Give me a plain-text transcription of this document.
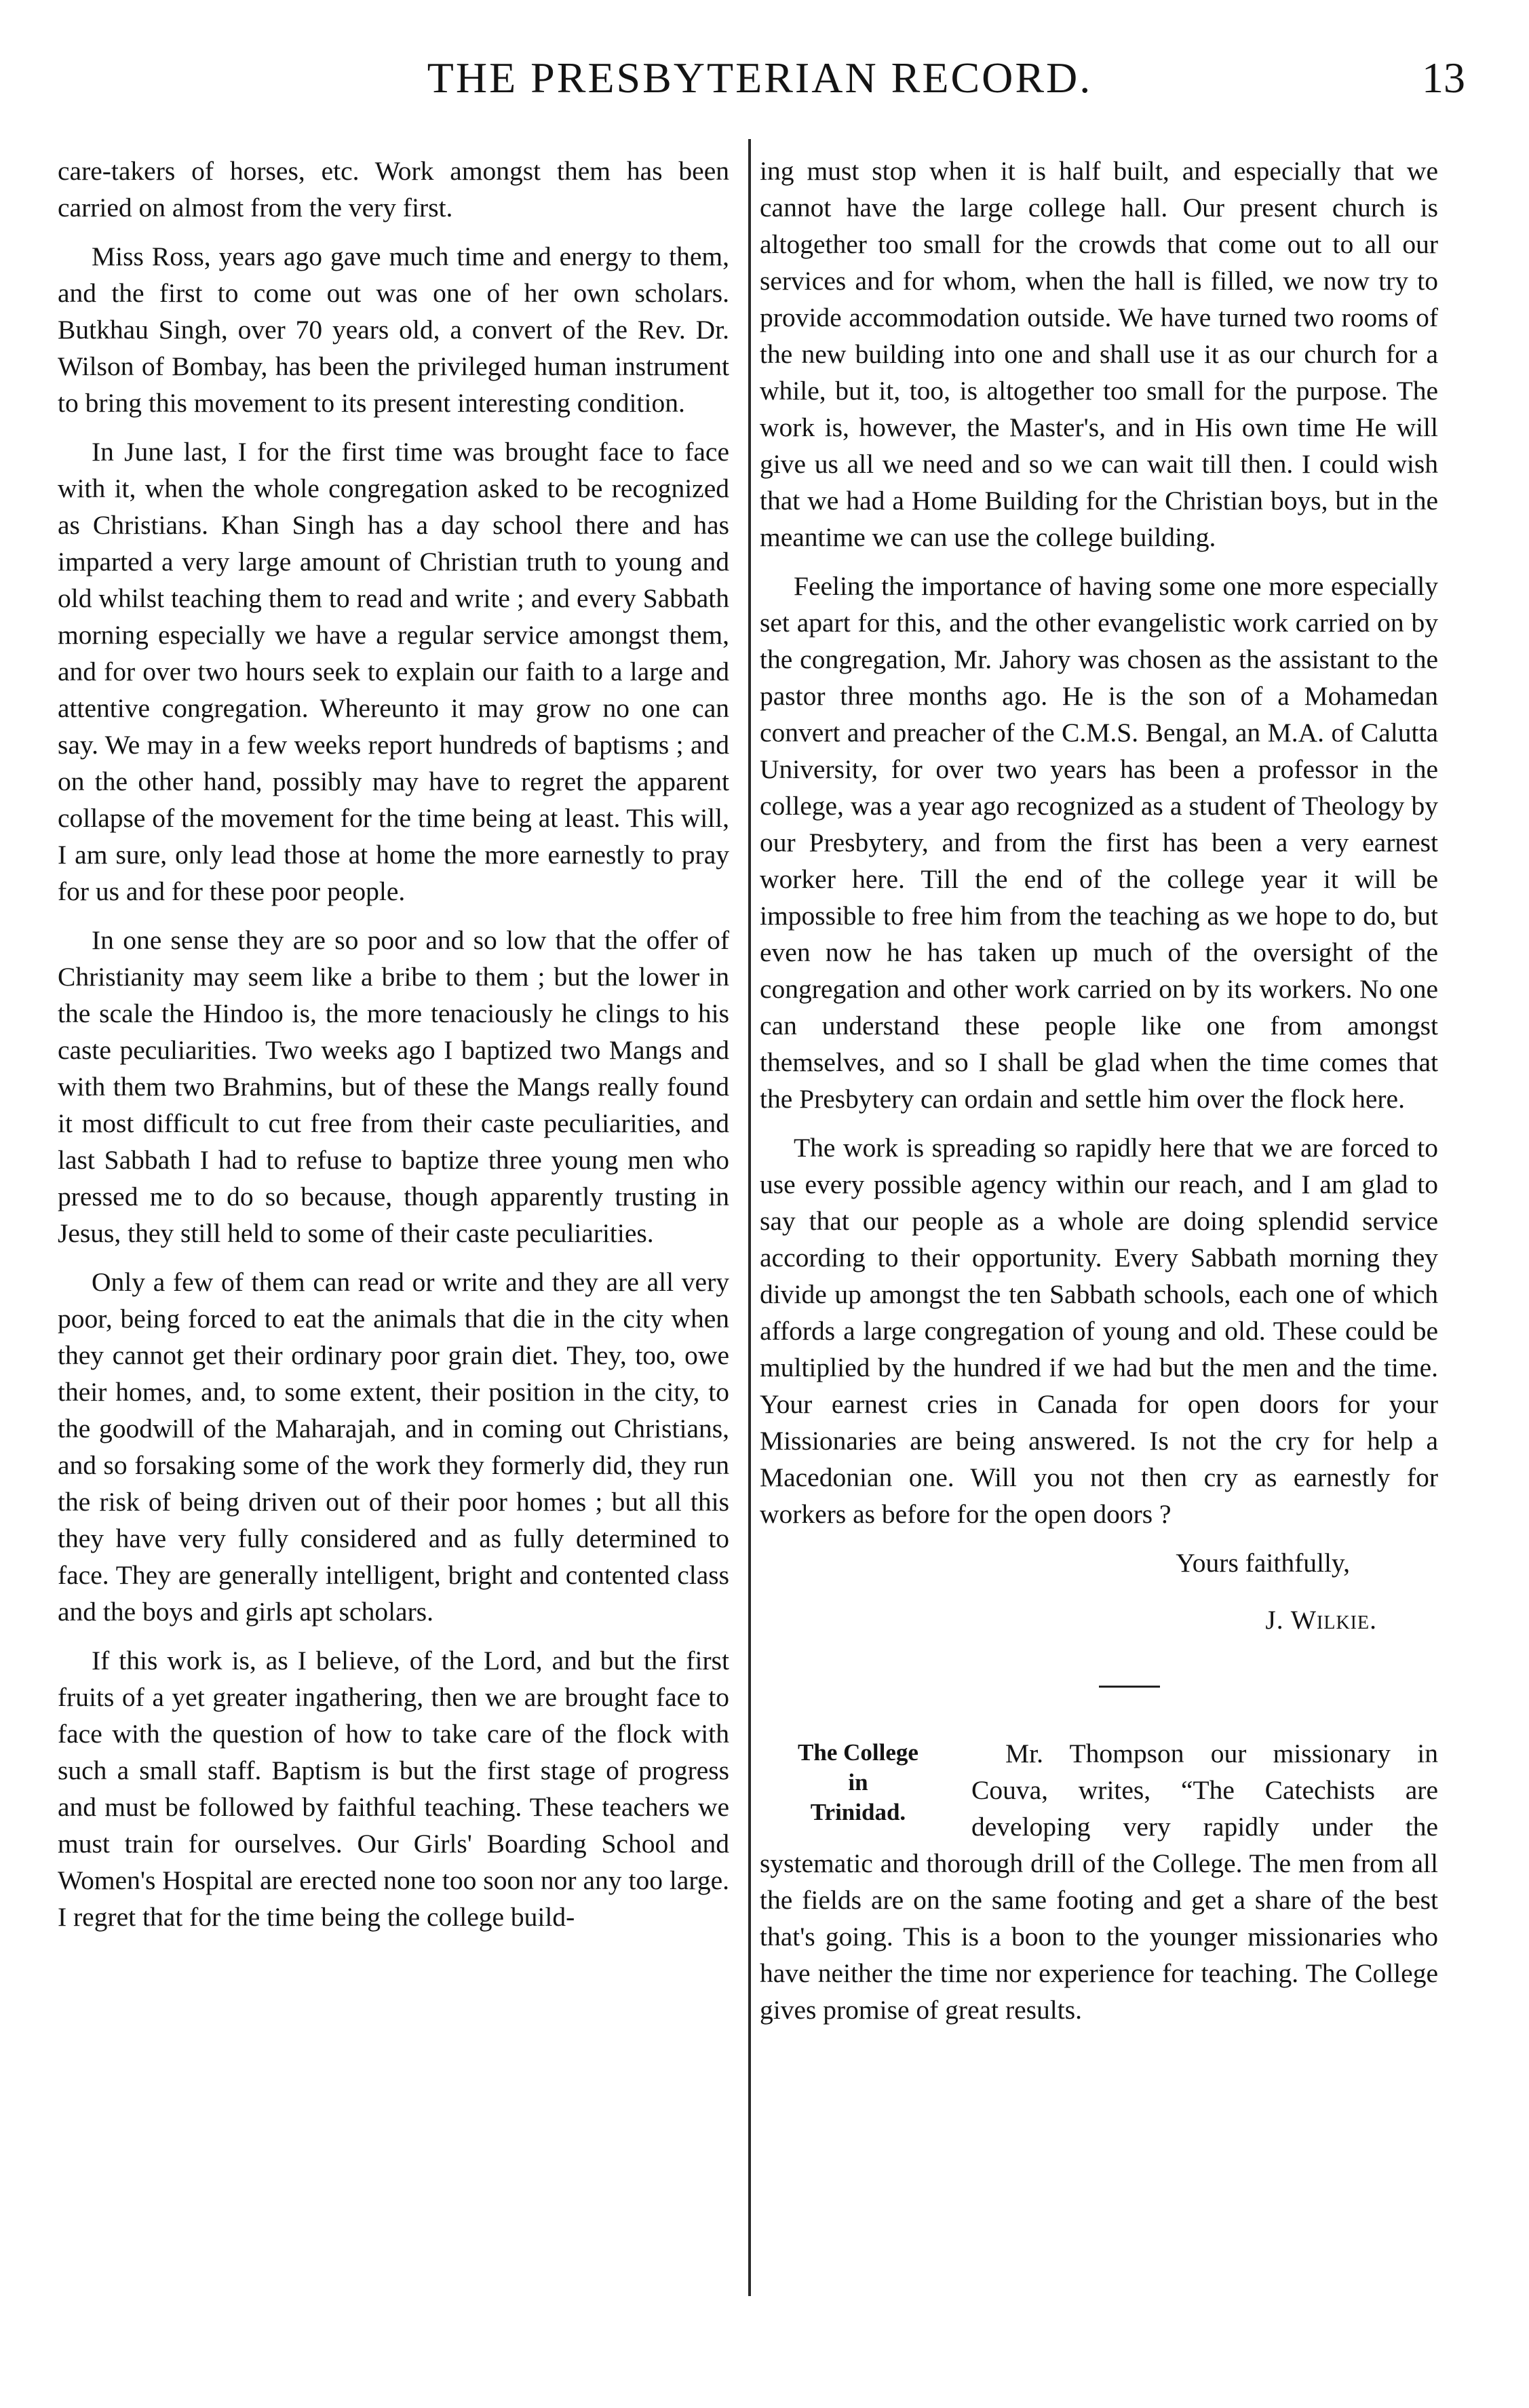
THE PRESBYTERIAN RECORD.	13

care-takers of horses, etc. Work amongst them has been carried on almost from the very first.

Miss Ross, years ago gave much time and energy to them, and the first to come out was one of her own scholars. Butkhau Singh, over 70 years old, a convert of the Rev. Dr. Wilson of Bombay, has been the privileged human instrument to bring this movement to its present interesting condition.

In June last, I for the first time was brought face to face with it, when the whole congregation asked to be recognized as Christians. Khan Singh has a day school there and has imparted a very large amount of Christian truth to young and old whilst teaching them to read and write ; and every Sabbath morning especially we have a regular service amongst them, and for over two hours seek to explain our faith to a large and attentive congregation. Whereunto it may grow no one can say. We may in a few weeks report hundreds of baptisms ; and on the other hand, possibly may have to regret the apparent collapse of the movement for the time being at least. This will, I am sure, only lead those at home the more earnestly to pray for us and for these poor people.

In one sense they are so poor and so low that the offer of Christianity may seem like a bribe to them ; but the lower in the scale the Hindoo is, the more tenaciously he clings to his caste peculiarities. Two weeks ago I baptized two Mangs and with them two Brahmins, but of these the Mangs really found it most difficult to cut free from their caste peculiarities, and last Sabbath I had to refuse to baptize three young men who pressed me to do so because, though apparently trusting in Jesus, they still held to some of their caste peculiarities.

Only a few of them can read or write and they are all very poor, being forced to eat the animals that die in the city when they cannot get their ordinary poor grain diet. They, too, owe their homes, and, to some extent, their position in the city, to the goodwill of the Maharajah, and in coming out Christians, and so forsaking some of the work they formerly did, they run the risk of being driven out of their poor homes ; but all this they have very fully considered and as fully determined to face. They are generally intelligent, bright and contented class and the boys and girls apt scholars.

If this work is, as I believe, of the Lord, and but the first fruits of a yet greater ingathering, then we are brought face to face with the question of how to take care of the flock with such a small staff. Baptism is but the first stage of progress and must be followed by faithful teaching. These teachers we must train for ourselves. Our Girls' Boarding School and Women's Hospital are erected none too soon nor any too large. I regret that for the time being the college build-

ing must stop when it is half built, and especially that we cannot have the large college hall. Our present church is altogether too small for the crowds that come out to all our services and for whom, when the hall is filled, we now try to provide accommodation outside. We have turned two rooms of the new building into one and shall use it as our church for a while, but it, too, is altogether too small for the purpose. The work is, however, the Master's, and in His own time He will give us all we need and so we can wait till then. I could wish that we had a Home Building for the Christian boys, but in the meantime we can use the college building.

Feeling the importance of having some one more especially set apart for this, and the other evangelistic work carried on by the congregation, Mr. Jahory was chosen as the assistant to the pastor three months ago. He is the son of a Mohamedan convert and preacher of the C.M.S. Bengal, an M.A. of Calutta University, for over two years has been a professor in the college, was a year ago recognized as a student of Theology by our Presbytery, and from the first has been a very earnest worker here. Till the end of the college year it will be impossible to free him from the teaching as we hope to do, but even now he has taken up much of the oversight of the congregation and other work carried on by its workers. No one can understand these people like one from amongst themselves, and so I shall be glad when the time comes that the Presbytery can ordain and settle him over the flock here.

The work is spreading so rapidly here that we are forced to use every possible agency within our reach, and I am glad to say that our people as a whole are doing splendid service according to their opportunity. Every Sabbath morning they divide up amongst the ten Sabbath schools, each one of which affords a large congregation of young and old. These could be multiplied by the hundred if we had but the men and the time. Your earnest cries in Canada for open doors for your Missionaries are being answered. Is not the cry for help a Macedonian one. Will you not then cry as earnestly for workers as before for the open doors ?

Yours faithfully,
J. Wilkie.
The College
in
Trinidad.

Mr. Thompson our missionary in Couva, writes, “The Catechists are developing very rapidly under the systematic and thorough drill of the College. The men from all the fields are on the same footing and get a share of the best that's going. This is a boon to the younger missionaries who have neither the time nor experience for teaching. The College gives promise of great results.
